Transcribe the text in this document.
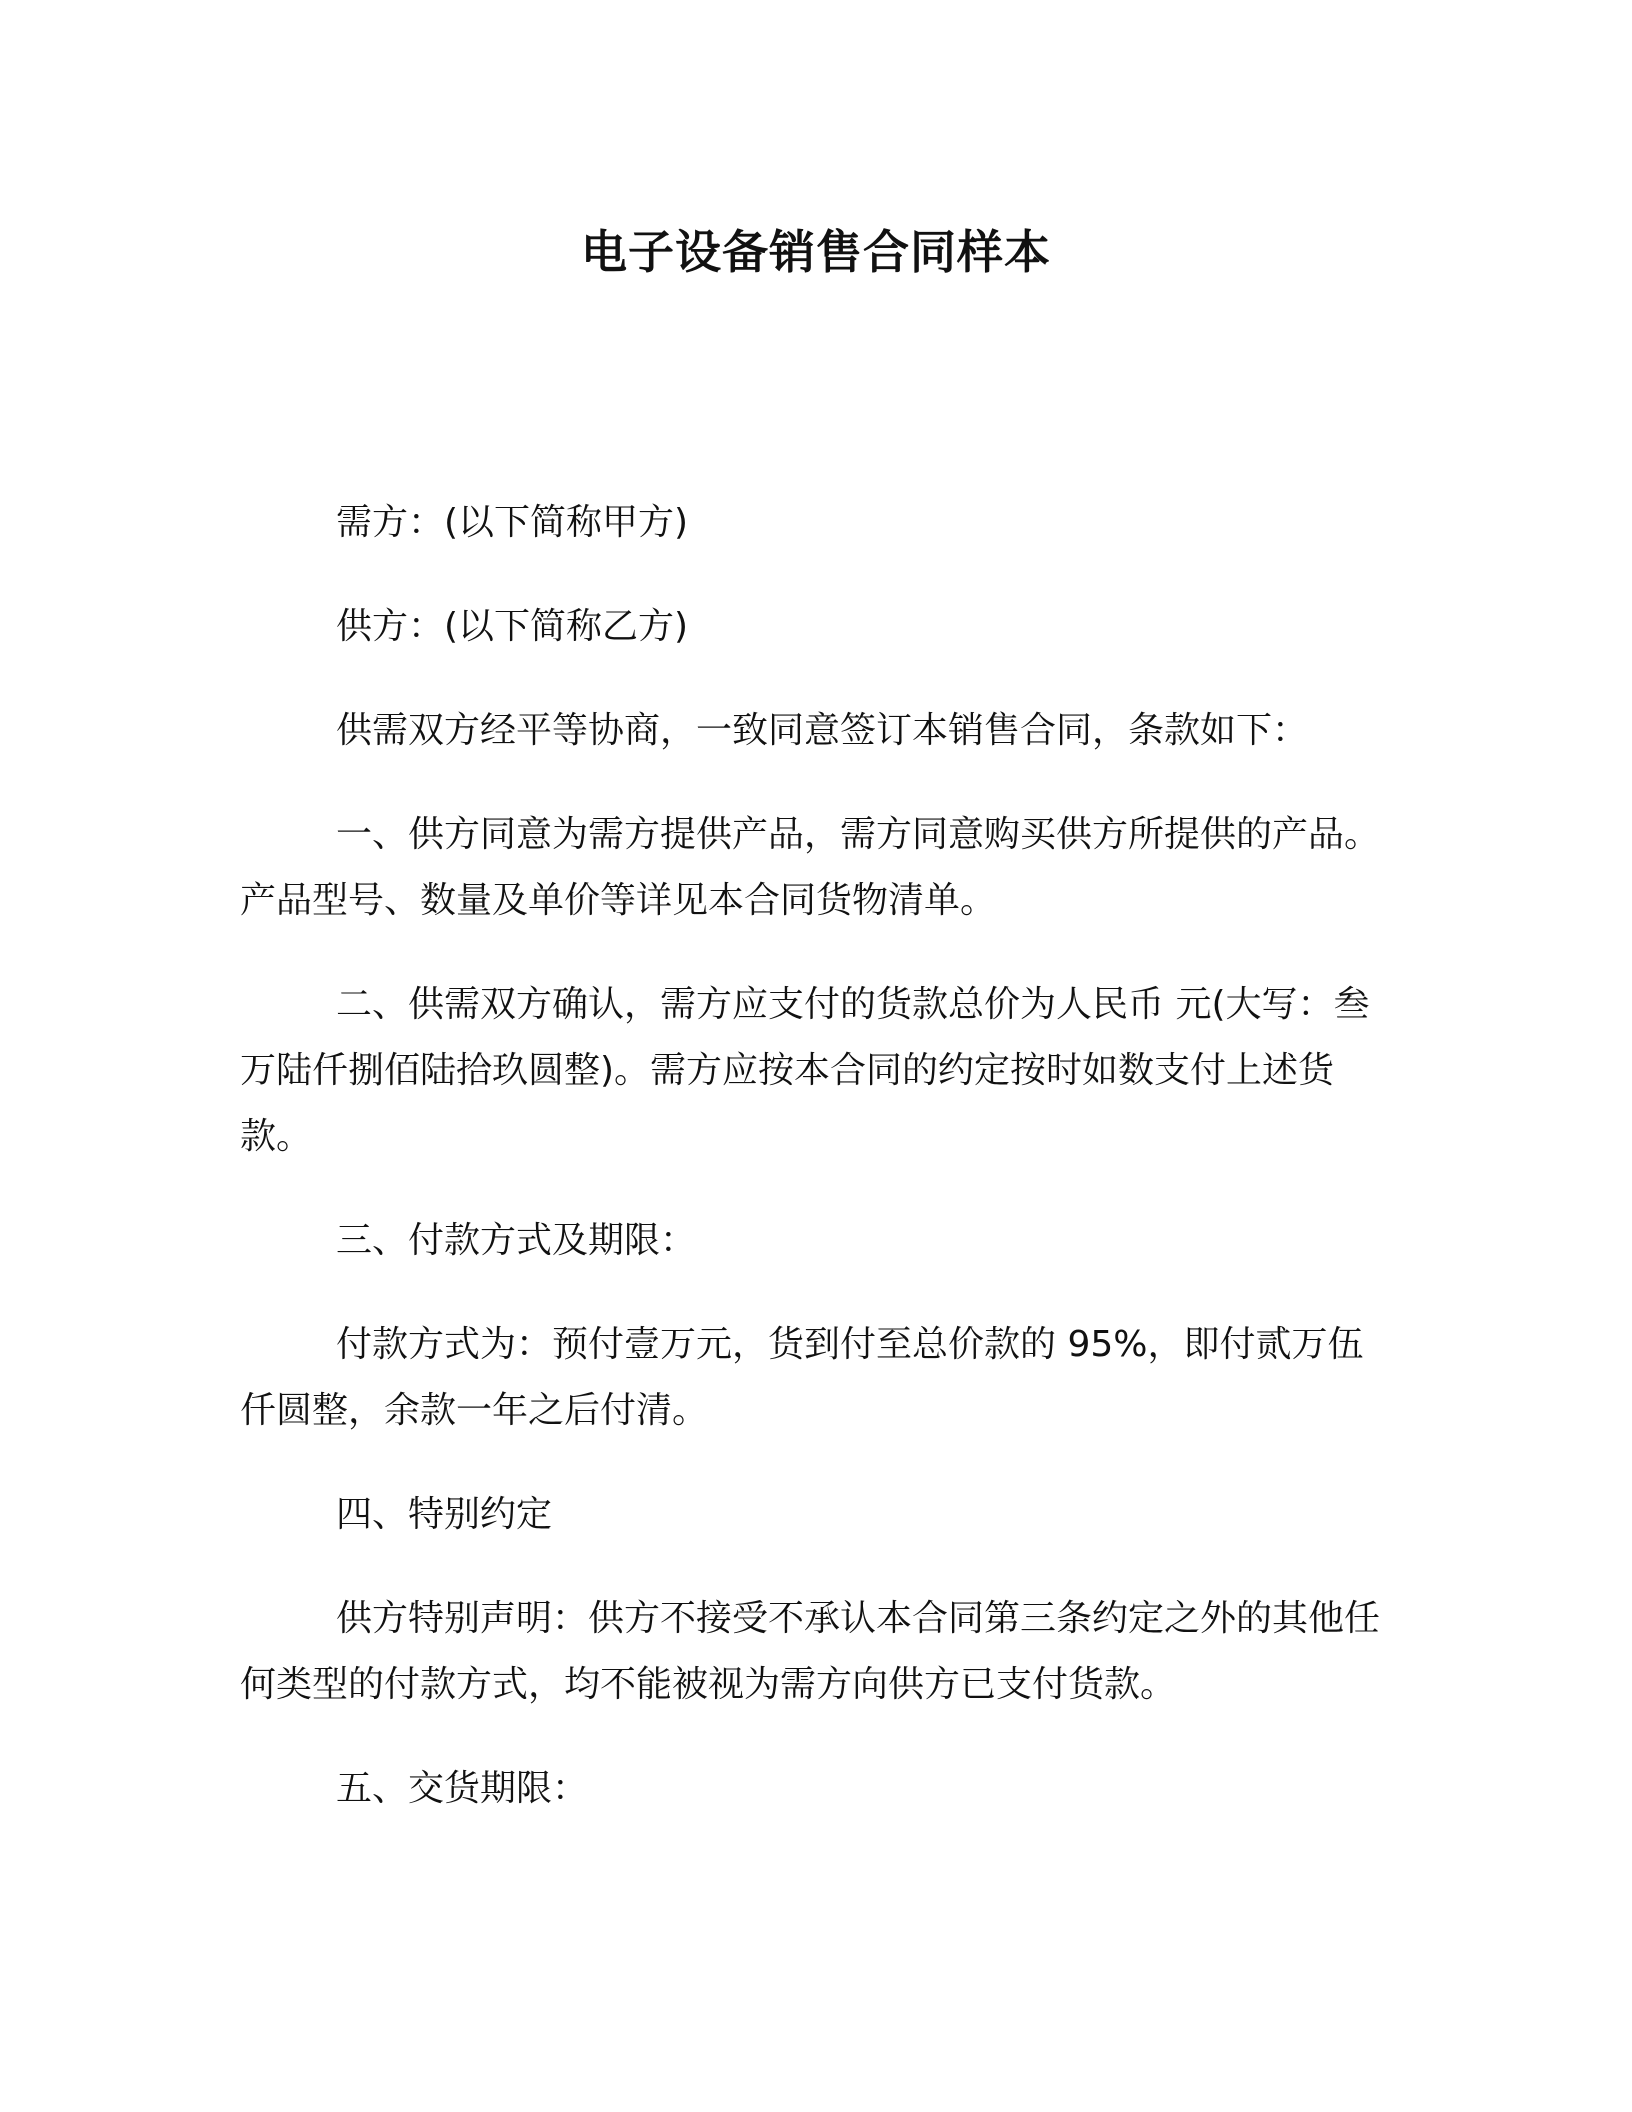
电子设备销售合同样本

需方：(以下简称甲方)

供方：(以下简称乙方)

供需双方经平等协商，一致同意签订本销售合同，条款如下：

一、供方同意为需方提供产品，需方同意购买供方所提供的产品。产品型号、数量及单价等详见本合同货物清单。

二、供需双方确认，需方应支付的货款总价为人民币 元(大写：叁万陆仟捌佰陆拾玖圆整)。需方应按本合同的约定按时如数支付上述货款。

三、付款方式及期限：

付款方式为：预付壹万元，货到付至总价款的 95%，即付贰万伍仟圆整，余款一年之后付清。

四、特别约定

供方特别声明：供方不接受不承认本合同第三条约定之外的其他任何类型的付款方式，均不能被视为需方向供方已支付货款。

五、交货期限：
